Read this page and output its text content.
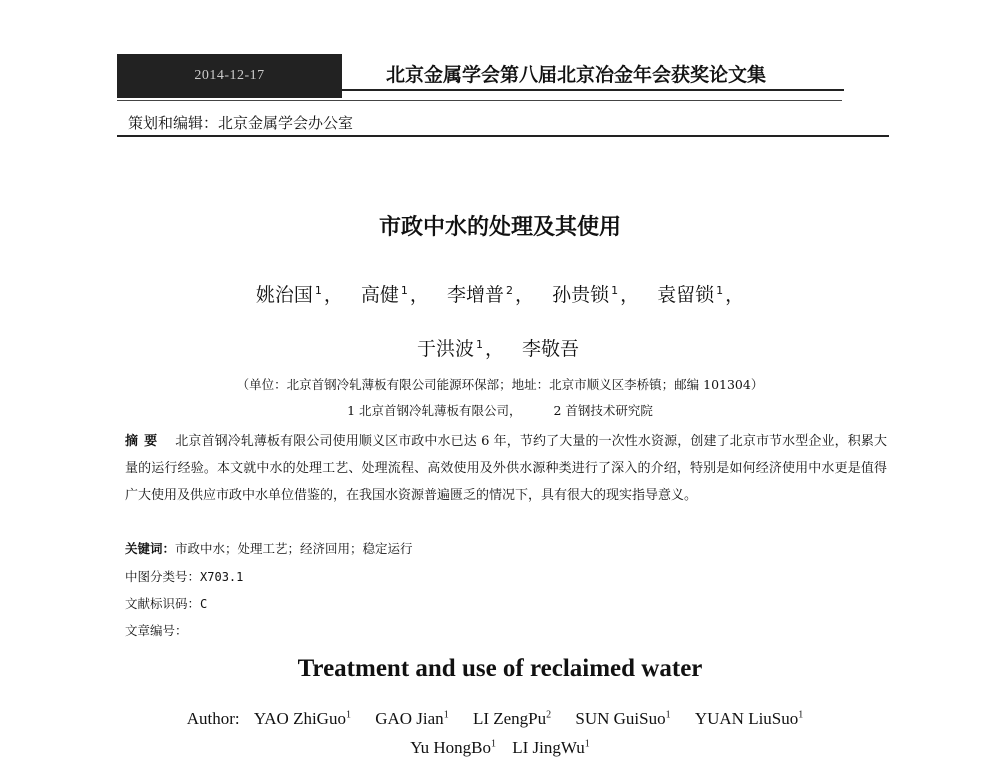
2014-12-17	北京金属学会第八届北京冶金年会获奖论文集
策划和编辑：北京金属学会办公室
市政中水的处理及其使用
姚治国 $^1$ ， 高健 $^1$ ， 李增普 $^2$ ， 孙贵锁 $^1$ ， 袁留锁 $^1$ ，
于洪波 $^1$ ， 李敬吾
（单位：北京首钢冷轧薄板有限公司能源环保部；地址：北京市顺义区李桥镇；邮编 101304）
1 北京首钢冷轧薄板有限公司，	2 首钢技术研究院
摘要 北京首钢冷轧薄板有限公司使用顺义区市政中水已达 6 年，节约了大量的一次性水资源，创建了北京市节水型企业，积累大量的运行经验。本文就中水的处理工艺、处理流程、高效使用及外供水源种类进行了深入的介绍，特别是如何经济使用中水更是值得广大使用及供应市政中水单位借鉴的，在我国水资源普遍匮乏的情况下，具有很大的现实指导意义。
关键词：市政中水；处理工艺；经济回用；稳定运行
中图分类号：X703.1
文献标识码：C
文章编号：
Treatment and use of reclaimed water
Author: YAO ZhiGuo$^1$ GAO Jian$^1$ LI ZengPu$^2$ SUN GuiSuo$^1$ YUAN LiuSuo$^1$
Yu HongBo$^1$ LI JingWu$^1$
